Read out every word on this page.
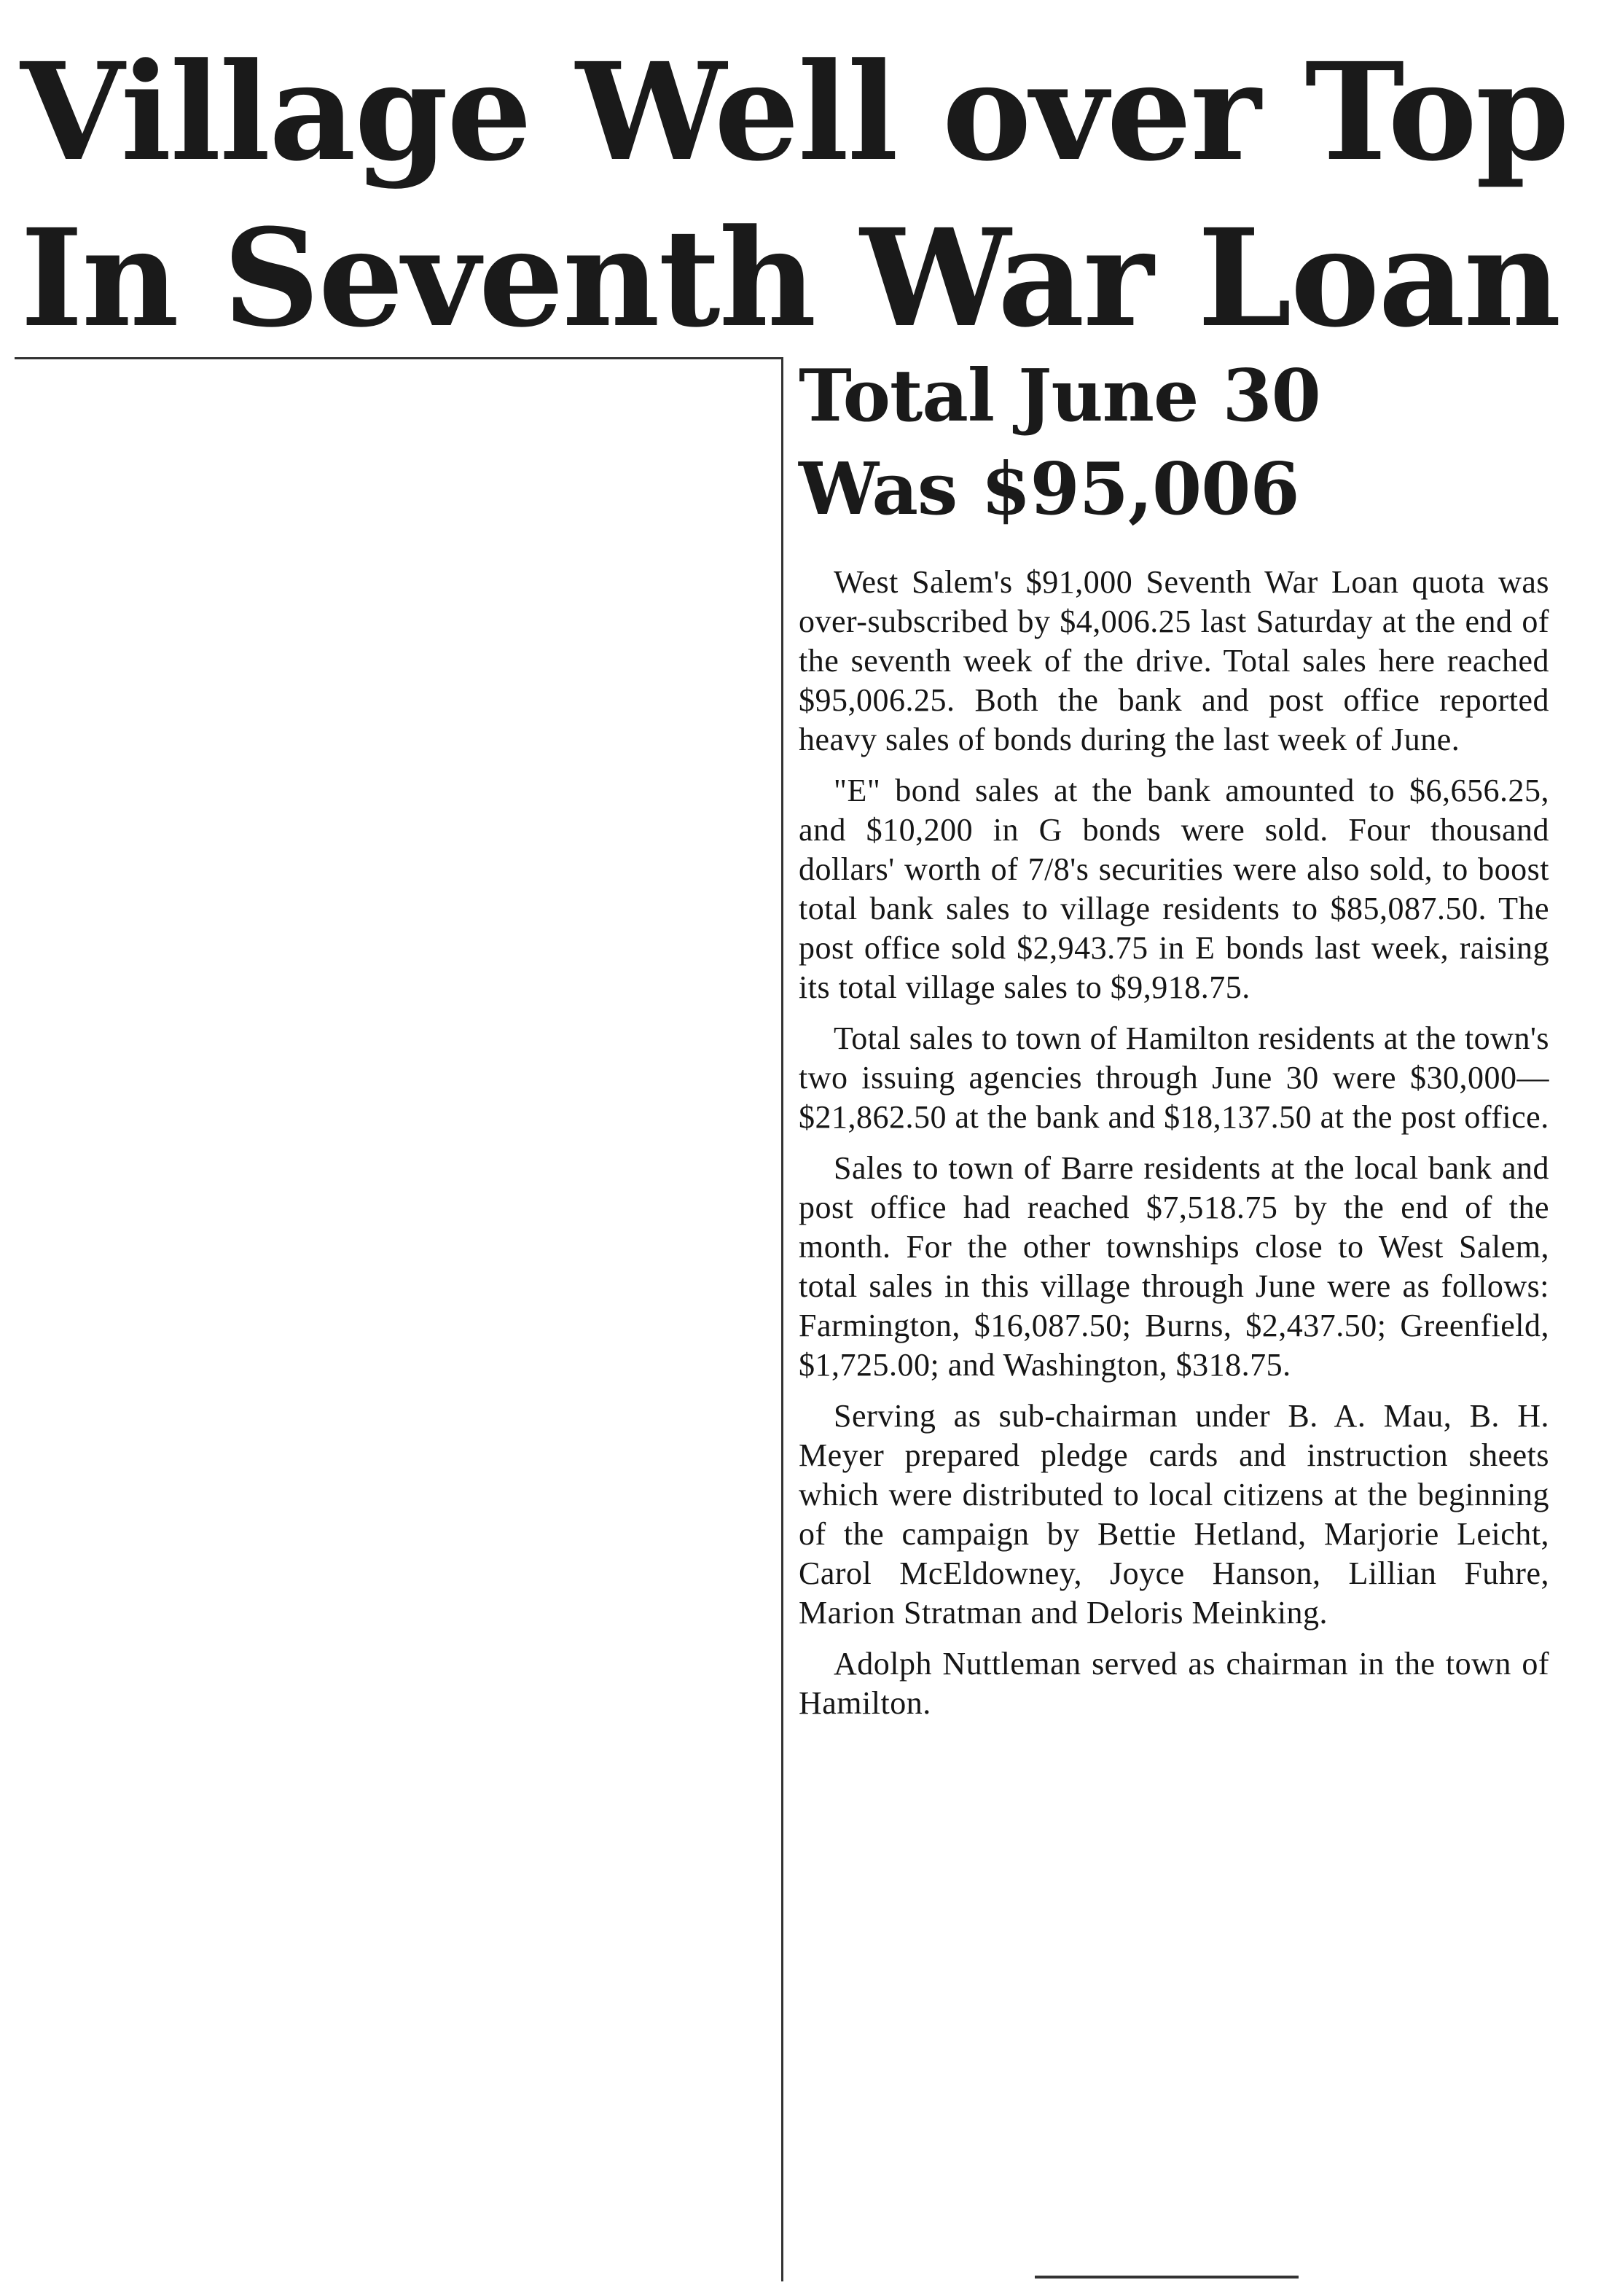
Village Well over Top
In Seventh War Loan
Total June 30
Was $95,006

West Salem's $91,000 Seventh War Loan quota was over-subscribed by $4,006.25 last Saturday at the end of the seventh week of the drive. Total sales here reached $95,006.25. Both the bank and post office reported heavy sales of bonds during the last week of June.

"E" bond sales at the bank amounted to $6,656.25, and $10,200 in G bonds were sold. Four thousand dollars' worth of 7/8's securities were also sold, to boost total bank sales to village residents to $85,087.50. The post office sold $2,943.75 in E bonds last week, raising its total village sales to $9,918.75.

Total sales to town of Hamilton residents at the town's two issuing agencies through June 30 were $30,000—$21,862.50 at the bank and $18,137.50 at the post office.

Sales to town of Barre residents at the local bank and post office had reached $7,518.75 by the end of the month. For the other townships close to West Salem, total sales in this village through June were as follows: Farmington, $16,087.50; Burns, $2,437.50; Greenfield, $1,725.00; and Washington, $318.75.

Serving as sub-chairman under B. A. Mau, B. H. Meyer prepared pledge cards and instruction sheets which were distributed to local citizens at the beginning of the campaign by Bettie Hetland, Marjorie Leicht, Carol McEldowney, Joyce Hanson, Lillian Fuhre, Marion Stratman and Deloris Meinking.

Adolph Nuttleman served as chairman in the town of Hamilton.
